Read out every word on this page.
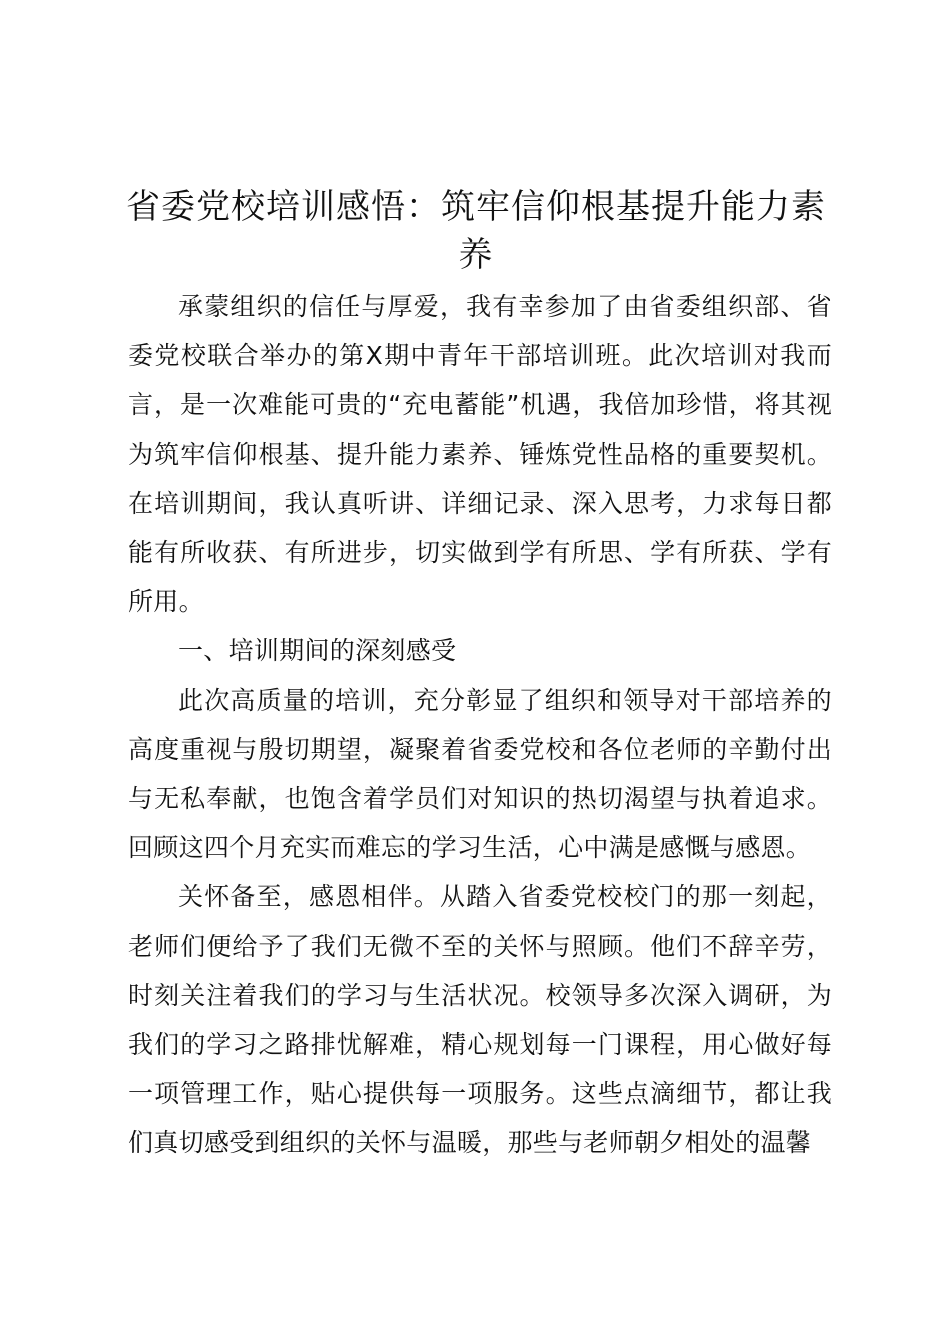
省委党校培训感悟：筑牢信仰根基提升能力素养

承蒙组织的信任与厚爱，我有幸参加了由省委组织部、省委党校联合举办的第X期中青年干部培训班。此次培训对我而言，是一次难能可贵的“充电蓄能”机遇，我倍加珍惜，将其视为筑牢信仰根基、提升能力素养、锤炼党性品格的重要契机。在培训期间，我认真听讲、详细记录、深入思考，力求每日都能有所收获、有所进步，切实做到学有所思、学有所获、学有所用。

一、培训期间的深刻感受

此次高质量的培训，充分彰显了组织和领导对干部培养的高度重视与殷切期望，凝聚着省委党校和各位老师的辛勤付出与无私奉献，也饱含着学员们对知识的热切渴望与执着追求。回顾这四个月充实而难忘的学习生活，心中满是感慨与感恩。

关怀备至，感恩相伴。从踏入省委党校校门的那一刻起，老师们便给予了我们无微不至的关怀与照顾。他们不辞辛劳，时刻关注着我们的学习与生活状况。校领导多次深入调研，为我们的学习之路排忧解难，精心规划每一门课程，用心做好每一项管理工作，贴心提供每一项服务。这些点滴细节，都让我们真切感受到组织的关怀与温暖，那些与老师朝夕相处的温馨
